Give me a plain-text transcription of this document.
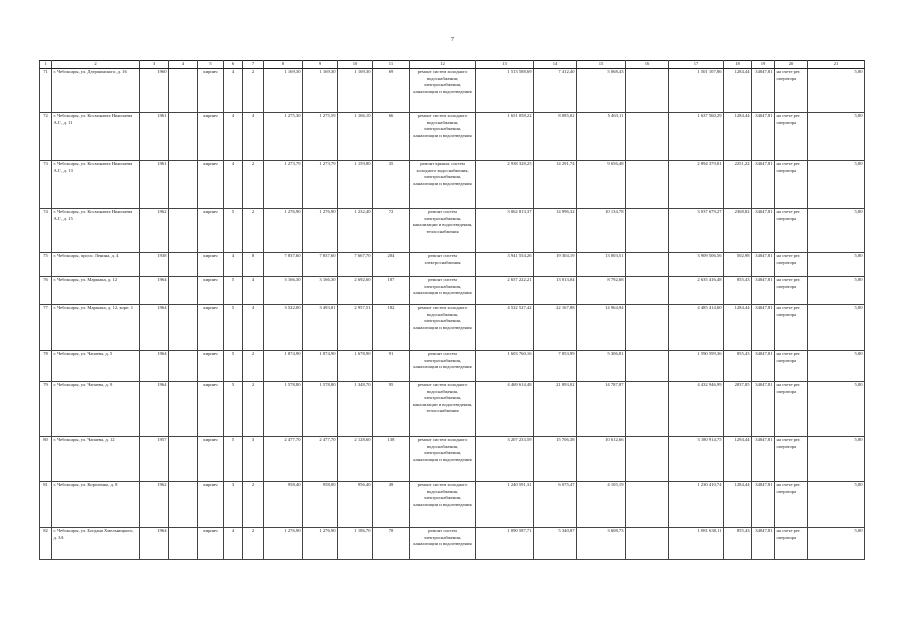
7
1	2	3	4	5	6	7	8	9	10	11	12	13	14	15	16	17	18	19	20	21
71	г. Чебоксары, ул. Дзержинского, д. 16	1960		кирпич	4	2	1 169,30	1 169,30	1 169,30	69	ремонт систем холодного водоснабжения; электроснабжения, канализации и водоотведения	1 513 588,69	7 412,40	5 068,43		1 501 107,86	1284,44	34047,81	на счете рег. оператора	5,80
72	г. Чебоксары, ул. Космонавта Николаева А.Г., д. 11	1961		кирпич	4	4	1 275,30	1 275,59	1 166,10	66	ремонт систем холодного водоснабжения; электроснабжения, канализации и водоотведения	1 651 058,22	8 085,02	5 463,11		1 637 560,29	1284,44	34047,81	на счете рег. оператора	5,80
73	г. Чебоксары, ул. Космонавта Николаева А.Г., д. 13	1961		кирпич	4	2	1 273,79	1 273,79	1 159,80	35	ремонт крыши, систем холодного водоснабжения, электроснабжения, канализации и водоотведения	2 938 328,25	14 291,74	9 656,48		2 894 379,81	2251,22	34047,81	на счете рег. оператора	5,80
74	г. Чебоксары, ул. Космонавта Николаева А.Г., д. 15	1962		кирпич	5	2	1 276,90	1 276,90	1 232,40	72	ремонт систем электроснабжения, канализации и водоотведения, теплоснабжения	3 062 813,37	14 996,32	10 134,78		3 037 679,27	2368,82	34047,81	на счете рег. оператора	5,80
75	г. Чебоксары, просп. Ленина, д. 4	1938		кирпич	4	8	7 837,60	7 837,60	7 667,70	204	ремонт систем электроснабжения	3 941 554,26	19 304,19	13 003,51		3 909 506,56	502,98	34047,81	на счете рег. оператора	5,80
76	г. Чебоксары, ул. Маршака, д. 12	1964		кирпич	5	4	3 166,30	3 166,30	2 692,60	187	ремонт систем электроснабжения, канализации и водоотведения	2 657 222,21	13 013,04	8 792,68		2 635 416,48	855,43	34047,81	на счете рег. оператора	5,80
77	г. Чебоксары, ул. Маршака, д. 12, корп. 1	1964		кирпич	5	4	3 522,00	3 493,81	2 957,51	182	ремонт систем холодного водоснабжения, электроснабжения, канализации и водоотведения	4 522 527,42	22 167,88	14 964,94		4 485 414,60	1284,44	34047,81	на счете рег. оператора	5,80
78	г. Чебоксары, ул. Чапаева, д. 5	1964		кирпич	5	2	1 874,90	1 874,90	1 678,90	91	ремонт систем электроснабжения, канализации и водоотведения	1 603 760,16	7 853,99	5 306,81		1 590 599,36	855,43	34047,81	на счете рег. оператора	5,80
79	г. Чебоксары, ул. Чапаева, д. 9	1964		кирпич	5	2	1 578,80	1 578,80	1 348,70	95	ремонт систем холодного водоснабжения, электроснабжения, канализации и водоотведения, теплоснабжения	4 469 614,48	21 893,02	14 787,87		4 432 946,99	2837,85	34047,81	на счете рег. оператора	5,80
80	г. Чебоксары, ул. Чапаева, д. 12	1957		кирпич	5	3	2 477,70	2 477,70	2 128,60	138	ремонт систем холодного водоснабжения, электроснабжения, канализации и водоотведения	3 207 233,59	15 706,38	10 612,66		3 180 914,75	1294,44	34047,81	на счете рег. оператора	5,80
81	г. Чебоксары, ул. Короленко, д. 8	1962		кирпич	3	2	958,40	958,00	956,40	49	ремонт систем холодного водоснабжения, электроснабжения, канализации и водоотведения	1 240 591,31	6 075,47	4 105,19		1 230 410,74	1284,44	34047,81	на счете рег. оператора	5,80
82	г. Чебоксары, ул. Богдана Хмельницкого, д. 3А	1964		кирпич	4	2	1 276,90	1 276,90	1 186,70	78	ремонт систем электроснабжения, канализации и водоотведения	1 090 587,71	5 340,87	3 608,73		1 081 638,11	855,43	34047,81	на счете рег. оператора	5,80
